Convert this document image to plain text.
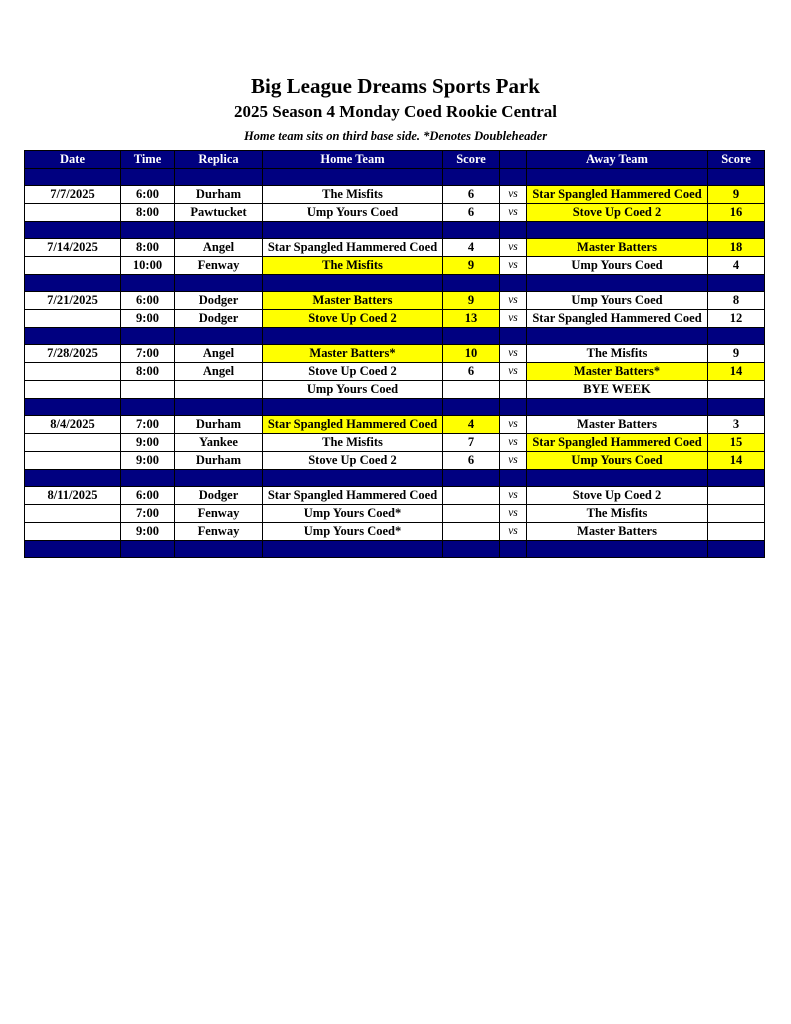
Big League Dreams Sports Park
2025 Season 4 Monday Coed Rookie Central
Home team sits on third base side. *Denotes Doubleheader
Date	Time	Replica	Home Team	Score		Away Team	Score

7/7/2025	6:00	Durham	The Misfits	6	vs	Star Spangled Hammered Coed	9
	8:00	Pawtucket	Ump Yours Coed	6	vs	Stove Up Coed 2	16

7/14/2025	8:00	Angel	Star Spangled Hammered Coed	4	vs	Master Batters	18
	10:00	Fenway	The Misfits	9	vs	Ump Yours Coed	4

7/21/2025	6:00	Dodger	Master Batters	9	vs	Ump Yours Coed	8
	9:00	Dodger	Stove Up Coed 2	13	vs	Star Spangled Hammered Coed	12

7/28/2025	7:00	Angel	Master Batters*	10	vs	The Misfits	9
	8:00	Angel	Stove Up Coed 2	6	vs	Master Batters*	14
			Ump Yours Coed			BYE WEEK	

8/4/2025	7:00	Durham	Star Spangled Hammered Coed	4	vs	Master Batters	3
	9:00	Yankee	The Misfits	7	vs	Star Spangled Hammered Coed	15
	9:00	Durham	Stove Up Coed 2	6	vs	Ump Yours Coed	14

8/11/2025	6:00	Dodger	Star Spangled Hammered Coed		vs	Stove Up Coed 2	
	7:00	Fenway	Ump Yours Coed*		vs	The Misfits	
	9:00	Fenway	Ump Yours Coed*		vs	Master Batters	
